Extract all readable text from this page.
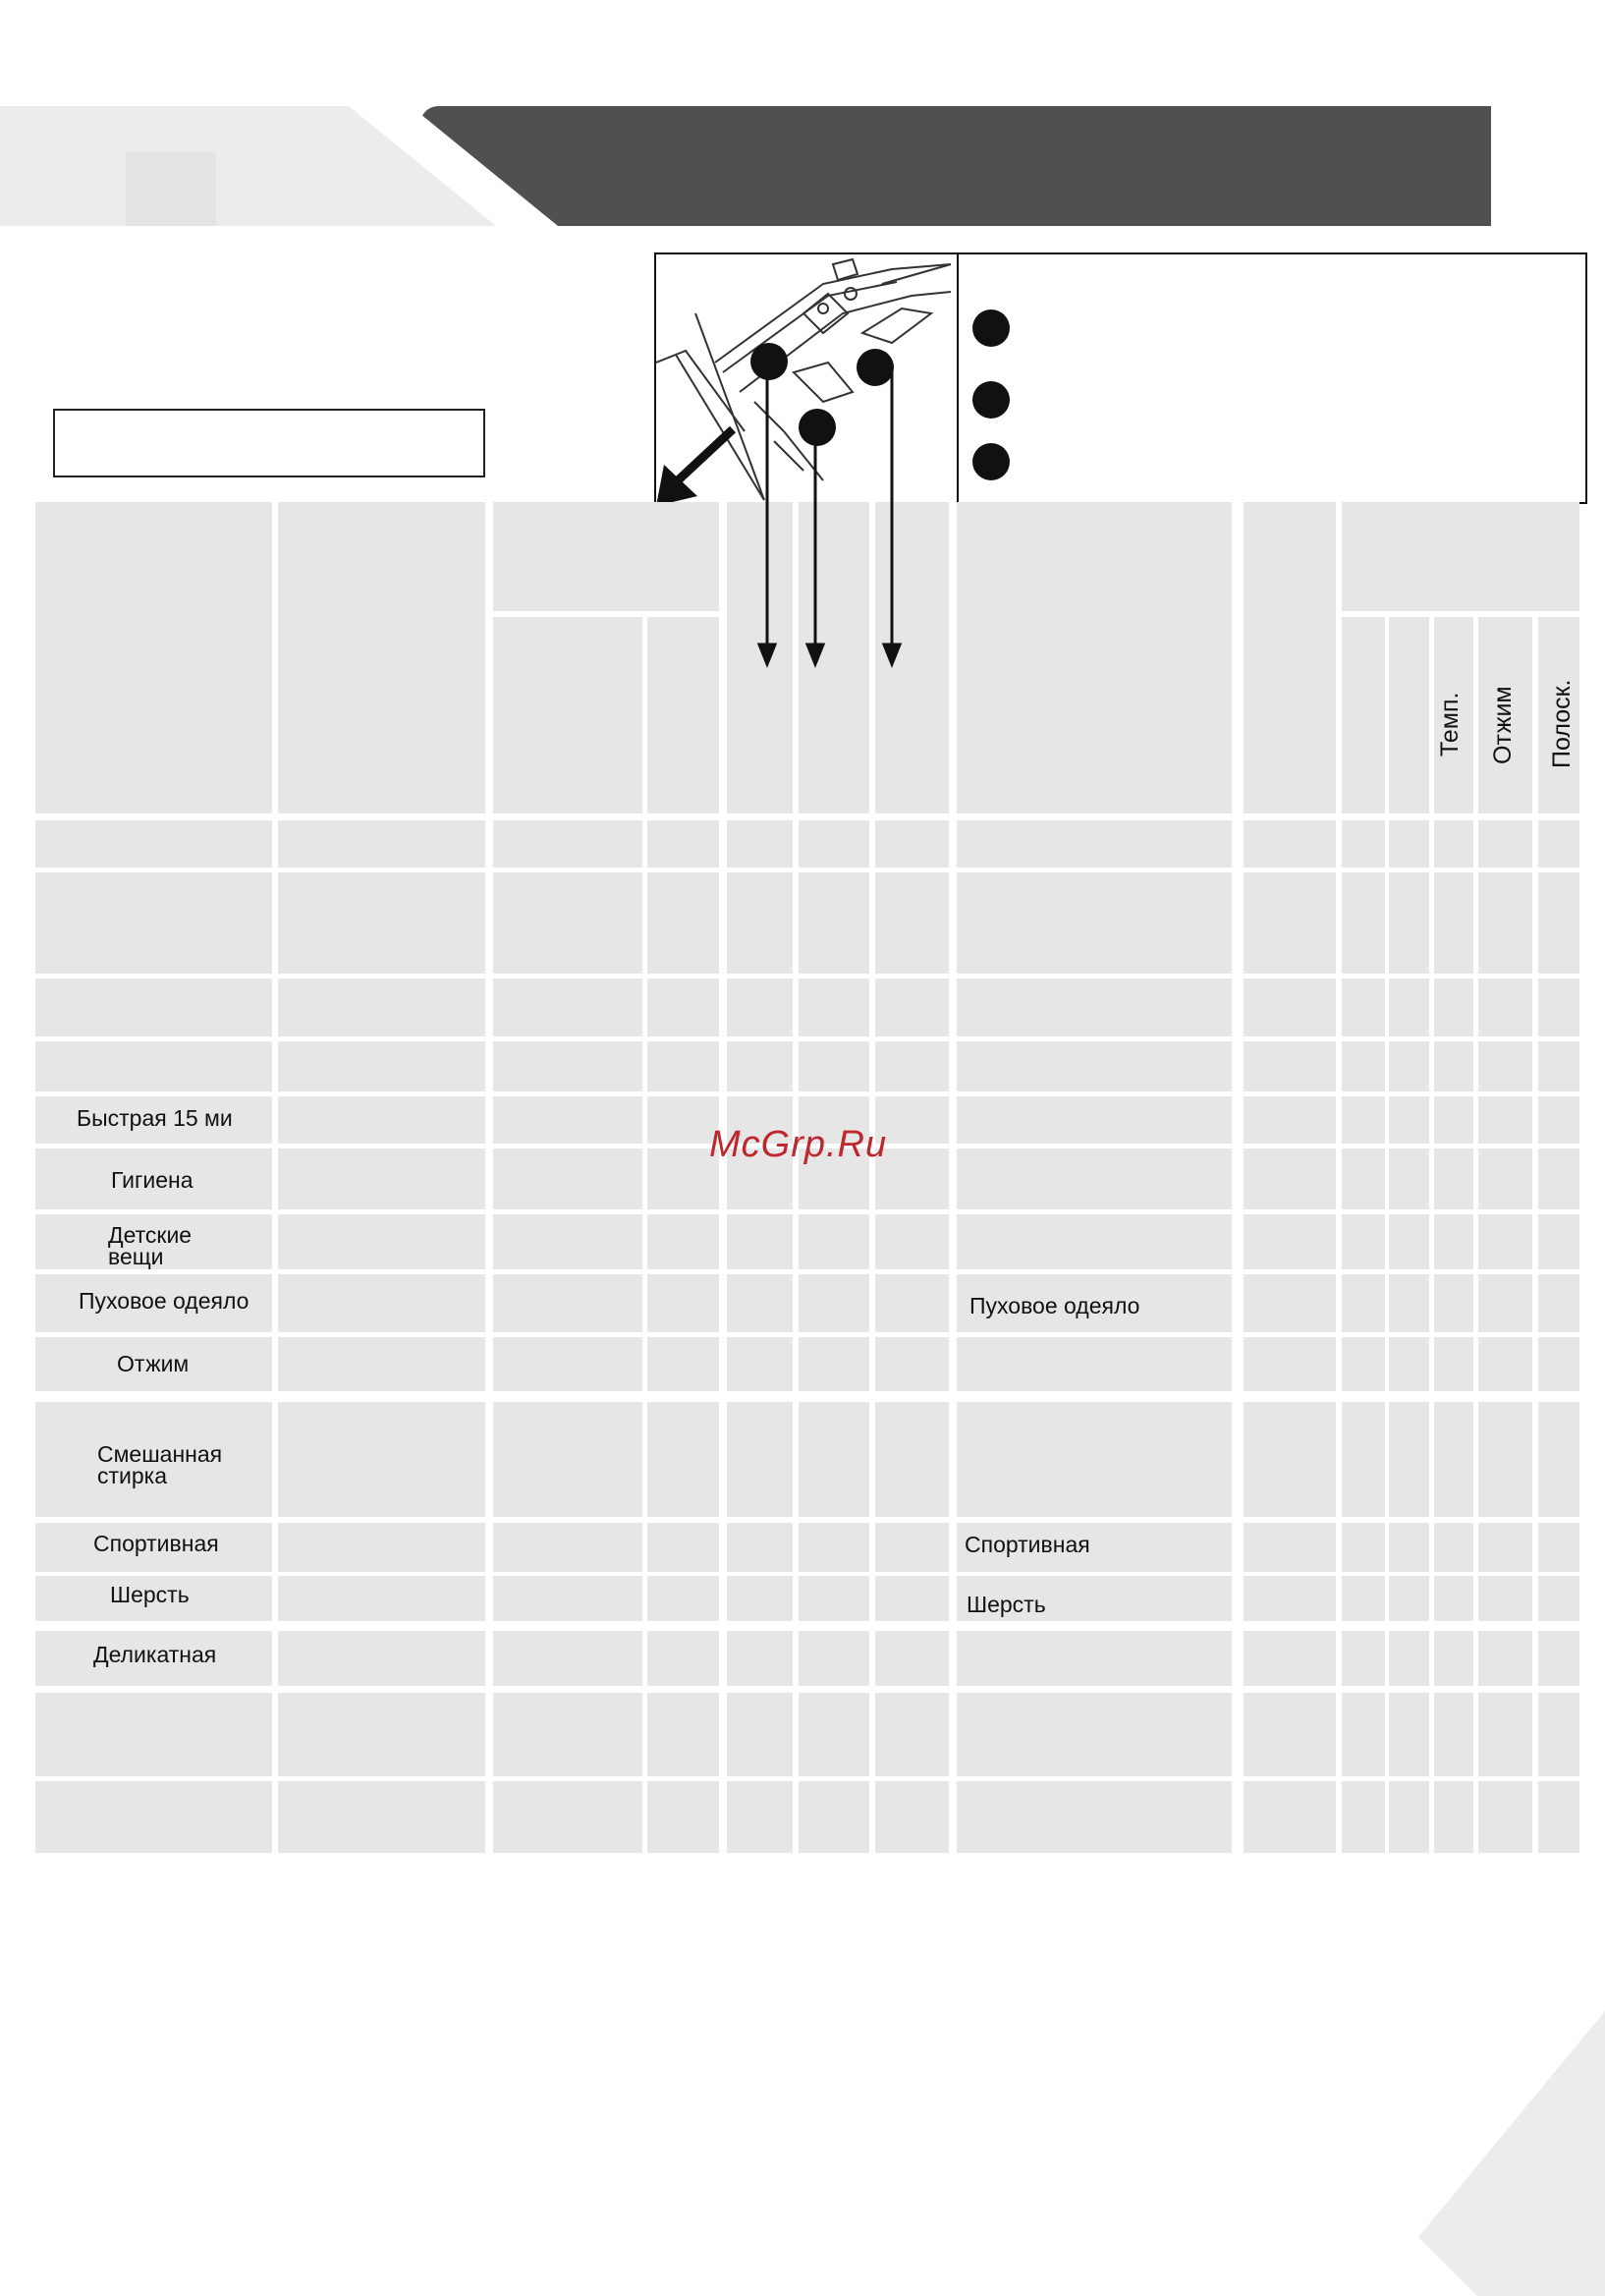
Темп. Отжим Полоск.
Быстрая 15 ми
Гигиена
Детские
вещи
Пуховое одеяло
Отжим
Смешанная
стирка
Спортивная
Шерсть
Деликатная
Пуховое одеяло
Спортивная
Шерсть
McGrp.Ru
